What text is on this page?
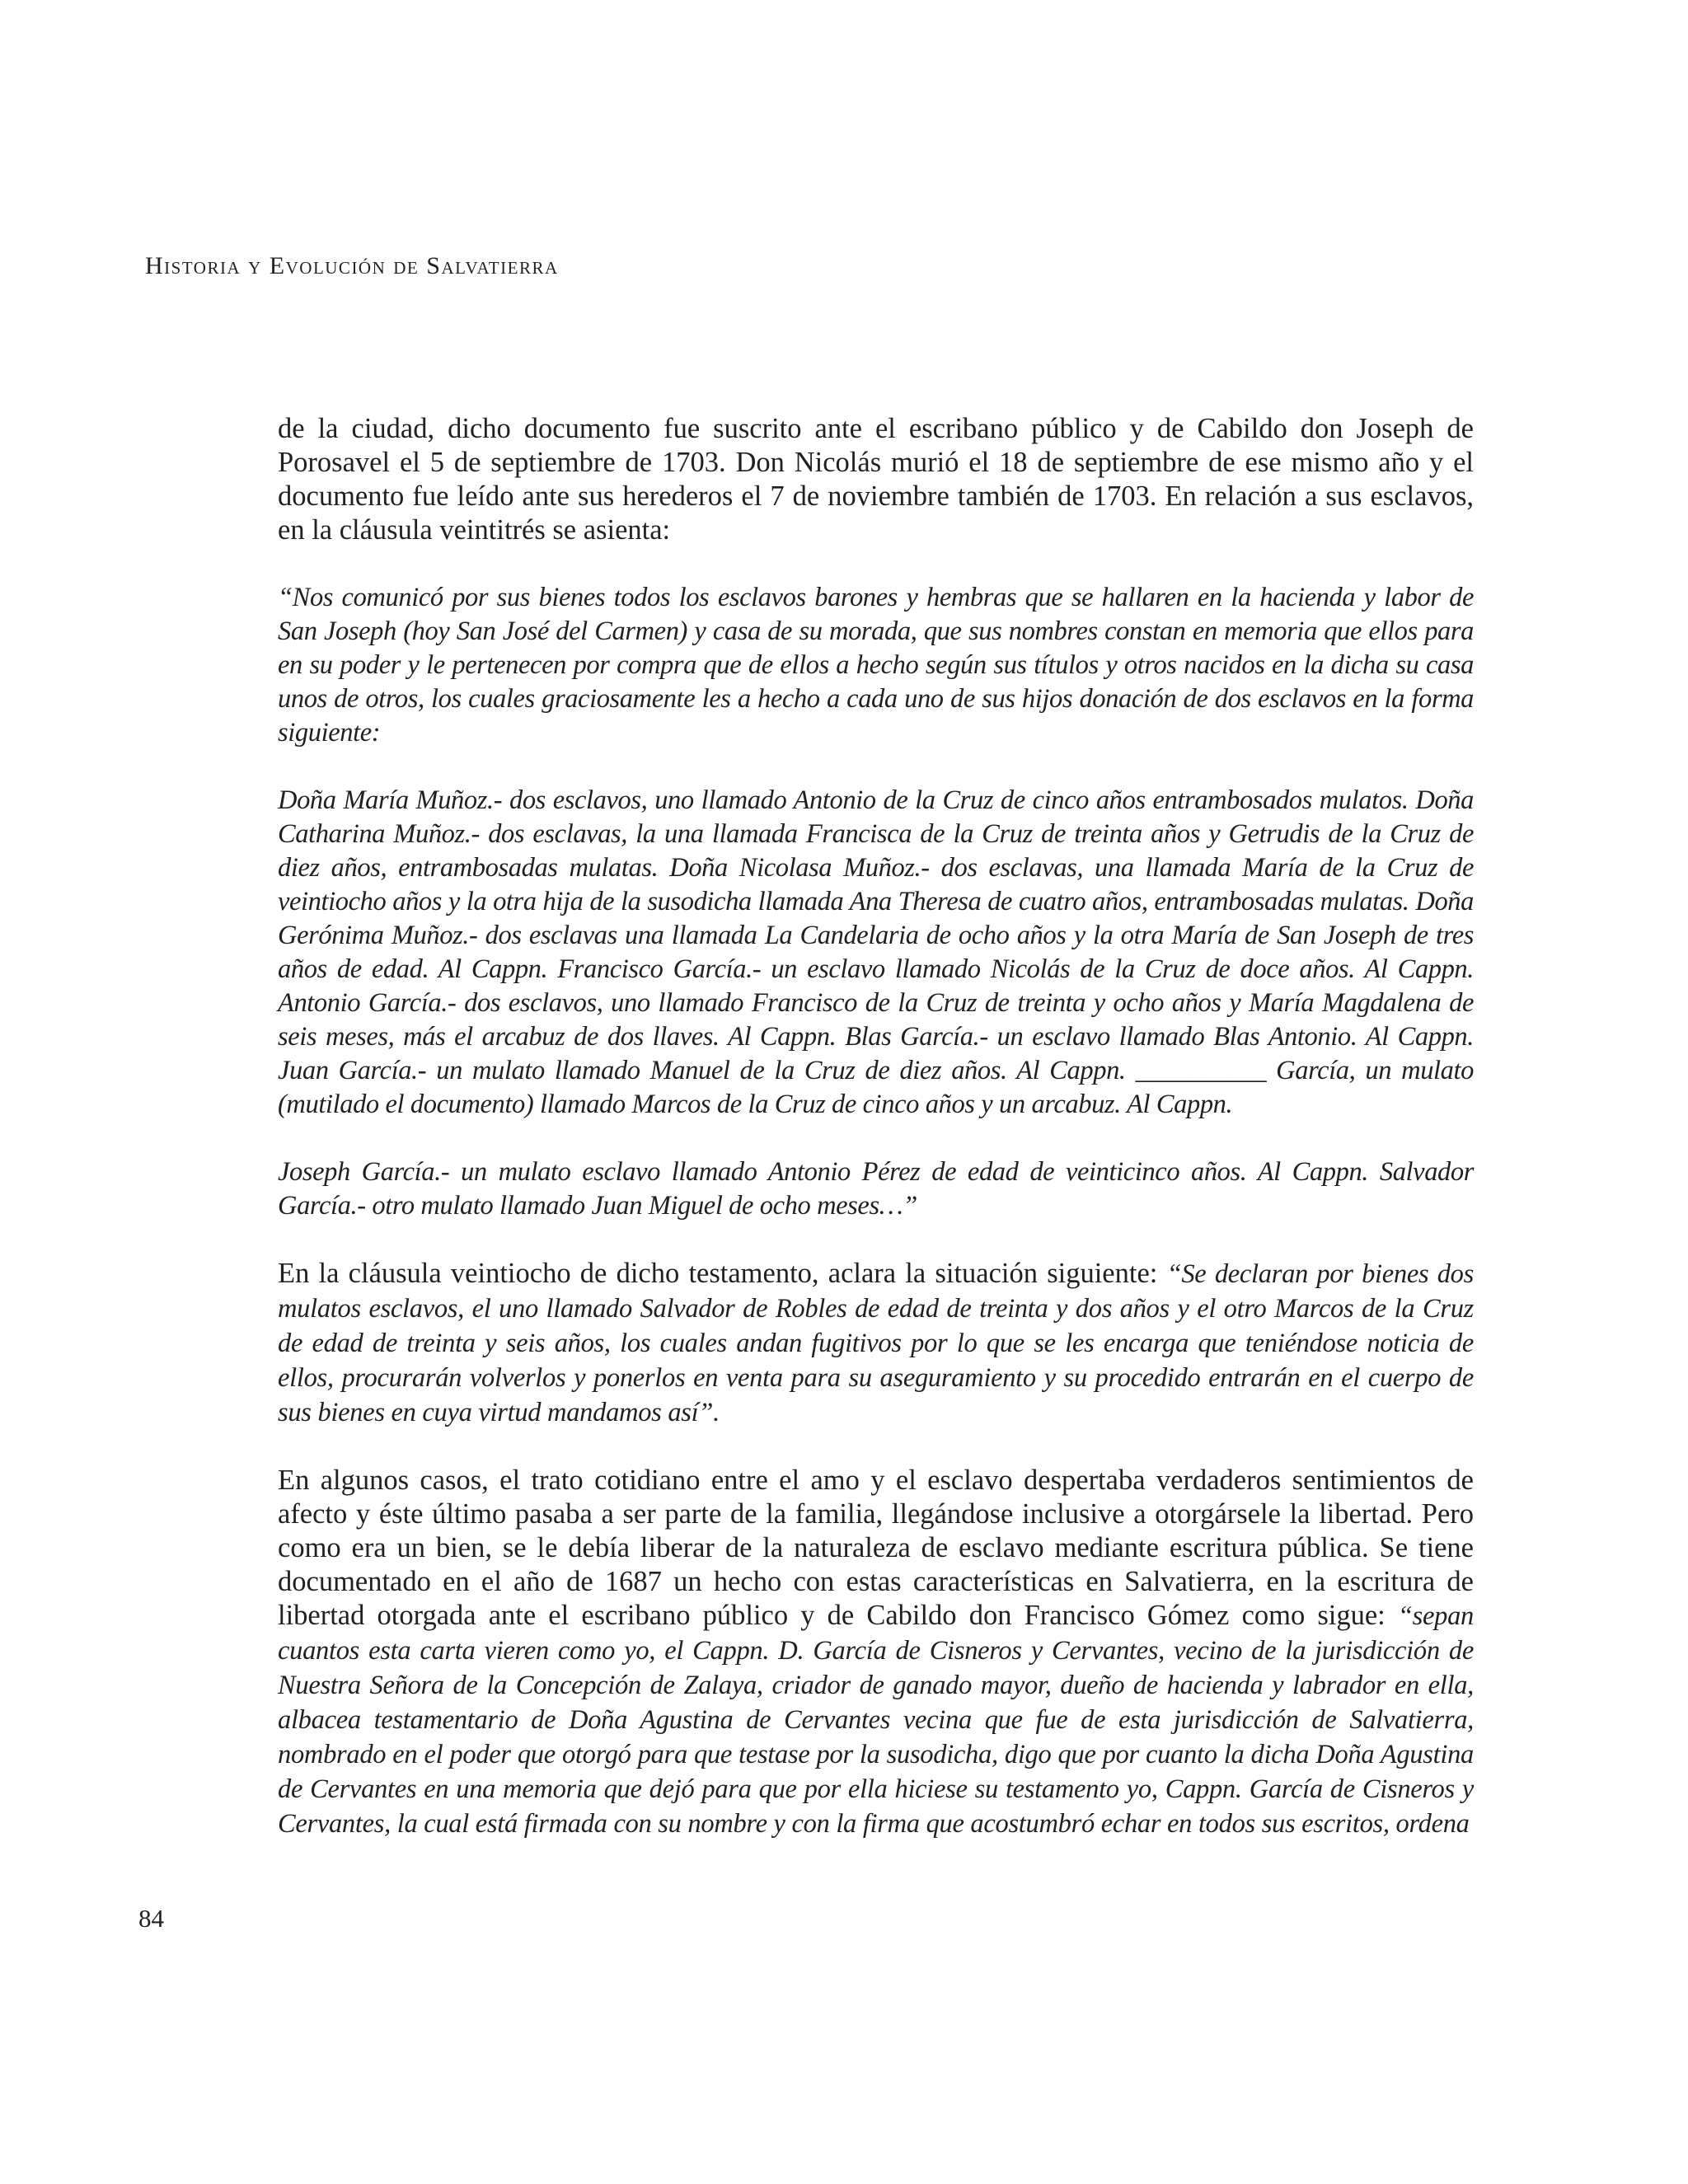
Historia y Evolución de Salvatierra

de la ciudad, dicho documento fue suscrito ante el escribano público y de Cabildo don Joseph de Porosavel el 5 de septiembre de 1703. Don Nicolás murió el 18 de septiembre de ese mismo año y el documento fue leído ante sus herederos el 7 de noviembre también de 1703. En relación a sus esclavos, en la cláusula veintitrés se asienta:

“Nos comunicó por sus bienes todos los esclavos barones y hembras que se hallaren en la hacienda y labor de San Joseph (hoy San José del Carmen) y casa de su morada, que sus nombres constan en memoria que ellos para en su poder y le pertenecen por compra que de ellos a hecho según sus títulos y otros nacidos en la dicha su casa unos de otros, los cuales graciosamente les a hecho a cada uno de sus hijos donación de dos esclavos en la forma siguiente:

Doña María Muñoz.- dos esclavos, uno llamado Antonio de la Cruz de cinco años entrambosados mulatos. Doña Catharina Muñoz.- dos esclavas, la una llamada Francisca de la Cruz de treinta años y Getrudis de la Cruz de diez años, entrambosadas mulatas. Doña Nicolasa Muñoz.- dos esclavas, una llamada María de la Cruz de veintiocho años y la otra hija de la susodicha llamada Ana Theresa de cuatro años, entrambosadas mulatas. Doña Gerónima Muñoz.- dos esclavas una llamada La Candelaria de ocho años y la otra María de San Joseph de tres años de edad. Al Cappn. Francisco García.- un esclavo llamado Nicolás de la Cruz de doce años. Al Cappn. Antonio García.- dos esclavos, uno llamado Francisco de la Cruz de treinta y ocho años y María Magdalena de seis meses, más el arcabuz de dos llaves. Al Cappn. Blas García.- un esclavo llamado Blas Antonio. Al Cappn. Juan García.- un mulato llamado Manuel de la Cruz de diez años. Al Cappn. __________ García, un mulato (mutilado el documento) llamado Marcos de la Cruz de cinco años y un arcabuz. Al Cappn.

Joseph García.- un mulato esclavo llamado Antonio Pérez de edad de veinticinco años. Al Cappn. Salvador García.- otro mulato llamado Juan Miguel de ocho meses…”

En la cláusula veintiocho de dicho testamento, aclara la situación siguiente: “Se declaran por bienes dos mulatos esclavos, el uno llamado Salvador de Robles de edad de treinta y dos años y el otro Marcos de la Cruz de edad de treinta y seis años, los cuales andan fugitivos por lo que se les encarga que teniéndose noticia de ellos, procurarán volverlos y ponerlos en venta para su aseguramiento y su procedido entrarán en el cuerpo de sus bienes en cuya virtud mandamos así”.

En algunos casos, el trato cotidiano entre el amo y el esclavo despertaba verdaderos sentimientos de afecto y éste último pasaba a ser parte de la familia, llegándose inclusive a otorgársele la libertad. Pero como era un bien, se le debía liberar de la naturaleza de esclavo mediante escritura pública. Se tiene documentado en el año de 1687 un hecho con estas características en Salvatierra, en la escritura de libertad otorgada ante el escribano público y de Cabildo don Francisco Gómez como sigue: “sepan cuantos esta carta vieren como yo, el Cappn. D. García de Cisneros y Cervantes, vecino de la jurisdicción de Nuestra Señora de la Concepción de Zalaya, criador de ganado mayor, dueño de hacienda y labrador en ella, albacea testamentario de Doña Agustina de Cervantes vecina que fue de esta jurisdicción de Salvatierra, nombrado en el poder que otorgó para que testase por la susodicha, digo que por cuanto la dicha Doña Agustina de Cervantes en una memoria que dejó para que por ella hiciese su testamento yo, Cappn. García de Cisneros y Cervantes, la cual está firmada con su nombre y con la firma que acostumbró echar en todos sus escritos, ordena

84
